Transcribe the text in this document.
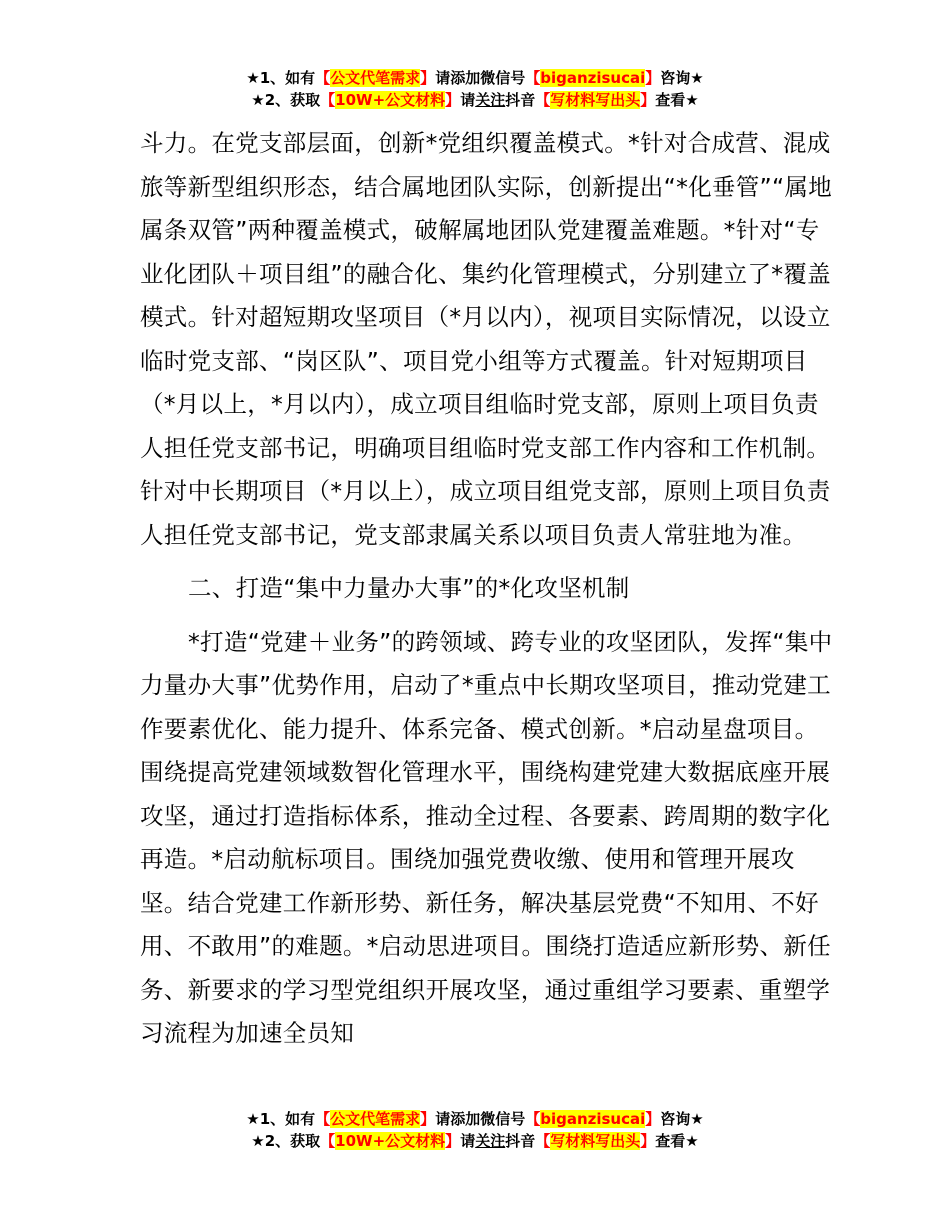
★1、如有【公文代笔需求】请添加微信号【biganzisucai】咨询★
★2、获取【10W+公文材料】请关注抖音【写材料写出头】查看★

斗力。在党支部层面，创新*党组织覆盖模式。*针对合成营、混成旅等新型组织形态，结合属地团队实际，创新提出“*化垂管”“属地属条双管”两种覆盖模式，破解属地团队党建覆盖难题。*针对“专业化团队＋项目组”的融合化、集约化管理模式，分别建立了*覆盖模式。针对超短期攻坚项目（*月以内），视项目实际情况，以设立临时党支部、“岗区队”、项目党小组等方式覆盖。针对短期项目（*月以上，*月以内），成立项目组临时党支部，原则上项目负责人担任党支部书记，明确项目组临时党支部工作内容和工作机制。针对中长期项目（*月以上），成立项目组党支部，原则上项目负责人担任党支部书记，党支部隶属关系以项目负责人常驻地为准。

二、打造“集中力量办大事”的*化攻坚机制

*打造“党建＋业务”的跨领域、跨专业的攻坚团队，发挥“集中力量办大事”优势作用，启动了*重点中长期攻坚项目，推动党建工作要素优化、能力提升、体系完备、模式创新。*启动星盘项目。围绕提高党建领域数智化管理水平，围绕构建党建大数据底座开展攻坚，通过打造指标体系，推动全过程、各要素、跨周期的数字化再造。*启动航标项目。围绕加强党费收缴、使用和管理开展攻坚。结合党建工作新形势、新任务，解决基层党费“不知用、不好用、不敢用”的难题。*启动思进项目。围绕打造适应新形势、新任务、新要求的学习型党组织开展攻坚，通过重组学习要素、重塑学习流程为加速全员知

★1、如有【公文代笔需求】请添加微信号【biganzisucai】咨询★
★2、获取【10W+公文材料】请关注抖音【写材料写出头】查看★
